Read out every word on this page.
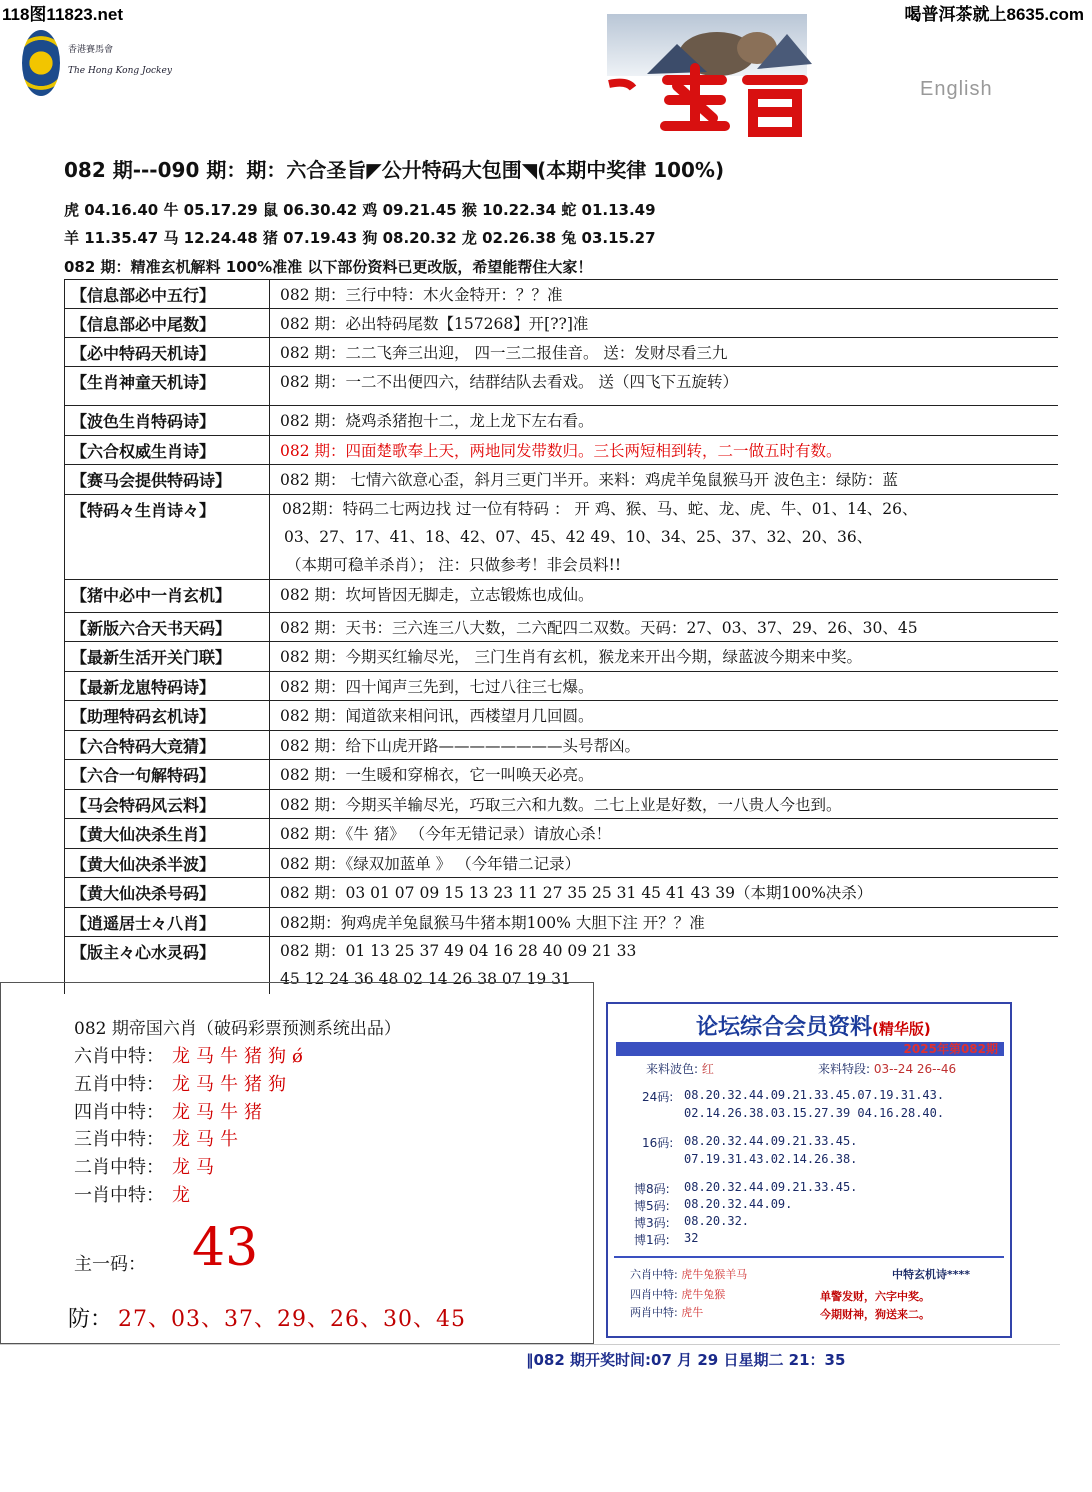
118图11823.net	喝普洱茶就上8635.com
香港賽馬會
The Hong Kong Jockey
English
082 期---090 期：期：六合圣旨◤公廾特码大包围◥(本期中奖律 100%)
虎 04.16.40 牛 05.17.29 鼠 06.30.42 鸡 09.21.45 猴 10.22.34 蛇 01.13.49
羊 11.35.47 马 12.24.48 猪 07.19.43 狗 08.20.32 龙 02.26.38 兔 03.15.27
082 期：精准玄机解料 100%准准 以下部份资料已更改版，希望能帮住大家！
【信息部必中五行】	082 期：三行中特：木火金特开：？？准
【信息部必中尾数】	082 期：必出特码尾数【157268】开[??]准
【必中特码天机诗】	082 期：二二飞奔三出迎， 四一三二报佳音。 送：发财尽看三九
【生肖神童天机诗】	082 期：一二不出便四六，结群结队去看戏。 送（四飞下五旋转）
【波色生肖特码诗】	082 期：烧鸡杀猪抱十二，龙上龙下左右看。
【六合权威生肖诗】	082 期：四面楚歌奉上天，两地同发带数归。三长两短相到转，二一做五时有数。
【赛马会提供特码诗】	082 期： 七情六欲意心歪，斜月三更门半开。来料：鸡虎羊兔鼠猴马开 波色主：绿防：蓝
【特码々生肖诗々】	082期：特码二七两边找 过一位有特码 ： 开 鸡、猴、马、蛇、龙、虎、牛、01、14、26、
03、27、17、41、18、42、07、45、42 49、10、34、25、37、32、20、36、
（本期可稳羊杀肖）； 注：只做参考！非会员料!!
【猪中必中一肖玄机】	082 期：坎坷皆因无脚走，立志锻炼也成仙。
【新版六合天书天码】	082 期：天书：三六连三八大数，二六配四二双数。天码：27、03、37、29、26、30、45
【最新生活开关门联】	082 期：今期买红输尽光， 三门生肖有玄机，猴龙来开出今期，绿蓝波今期来中奖。
【最新龙崽特码诗】	082 期：四十闻声三先到，七过八往三七爆。
【助理特码玄机诗】	082 期：闻道欲来相问讯，西楼望月几回圆。
【六合特码大竞猜】	082 期：给下山虎开路————————头号帮凶。
【六合一句解特码】	082 期：一生暖和穿棉衣，它一叫唤天必亮。
【马会特码风云料】	082 期：今期买羊输尽光，巧取三六和九数。二七上业是好数，一八贵人今也到。
【黄大仙决杀生肖】	082 期：《牛 猪》 （今年无错记录）请放心杀！
【黄大仙决杀半波】	082 期：《绿双加蓝单 》 （今年错二记录）
【黄大仙决杀号码】	082 期：03 01 07 09 15 13 23 11 27 35 25 31 45 41 43 39（本期100%决杀）
【逍遥居士々八肖】	082期：狗鸡虎羊兔鼠猴马牛猪本期100% 大胆下注 开？？准
【版主々心水灵码】	082 期：01 13 25 37 49 04 16 28 40 09 21 33
45 12 24 36 48 02 14 26 38 07 19 31
082 期帝国六肖（破码彩票预测系统出品）
六肖中特： 龙马牛猪狗ǿ
五肖中特： 龙马牛猪狗
四肖中特： 龙马牛猪
三肖中特： 龙马牛
二肖中特： 龙马
一肖中特： 龙
主一码： 43
防： 27、03、37、29、26、30、45
论坛综合会员资料(精华版)
2025年第082期
来料波色: 红	来料特段: 03--24 26--46
24码: 08.20.32.44.09.21.33.45.07.19.31.43.
02.14.26.38.03.15.27.39 04.16.28.40.
16码: 08.20.32.44.09.21.33.45.
07.19.31.43.02.14.26.38.
博8码: 08.20.32.44.09.21.33.45.
博5码: 08.20.32.44.09.
博3码: 08.20.32.
博1码: 32
六肖中特: 虎牛兔猴羊马
四肖中特: 虎牛兔猴
两肖中特: 虎牛
中特玄机诗****
单警发财，六字中奖。
今期财神，狗送来二。
‖082 期开奖时间:07 月 29 日星期二 21：35
